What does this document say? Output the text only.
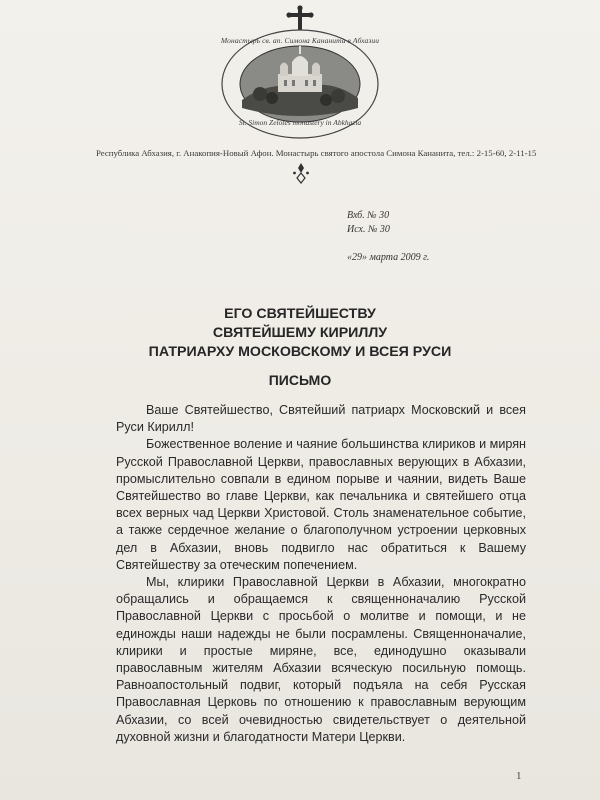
Монастырь св. ап. Симона Кананита в Абхазии
St. Simon Zelotes monastery in Abkhazia
Республика Абхазия, г. Анакопия-Новый Афон. Монастырь святого апостола Симона Кананита, тел.: 2-15-60, 2-11-15
Вхб. № 30
Исх. № 30
«29» марта 2009 г.
ЕГО СВЯТЕЙШЕСТВУ
СВЯТЕЙШЕМУ КИРИЛЛУ
ПАТРИАРХУ МОСКОВСКОМУ И ВСЕЯ РУСИ
ПИСЬМО

Ваше Святейшество, Святейший патриарх Московский и всея Руси Кирилл!

Божественное воление и чаяние большинства клириков и мирян Русской Православной Церкви, православных верующих в Абхазии, промыслительно совпали в едином порыве и чаянии, видеть Ваше Святейшество во главе Церкви, как печальника и святейшего отца всех верных чад Церкви Христовой. Столь знаменательное событие, а также сердечное желание о благополучном устроении церковных дел в Абхазии, вновь подвигло нас обратиться к Вашему Святейшеству за отеческим попечением.

Мы, клирики Православной Церкви в Абхазии, многократно обращались и обращаемся к священноначалию Русской Православной Церкви с просьбой о молитве и помощи, и не единожды наши надежды не были посрамлены. Священноначалие, клирики и простые миряне, все, единодушно оказывали православным жителям Абхазии всяческую посильную помощь. Равноапостольный подвиг, который подъяла на себя Русская Православная Церковь по отношению к православным верующим Абхазии, со всей очевидностью свидетельствует о деятельной духовной жизни и благодатности Матери Церкви.

1
